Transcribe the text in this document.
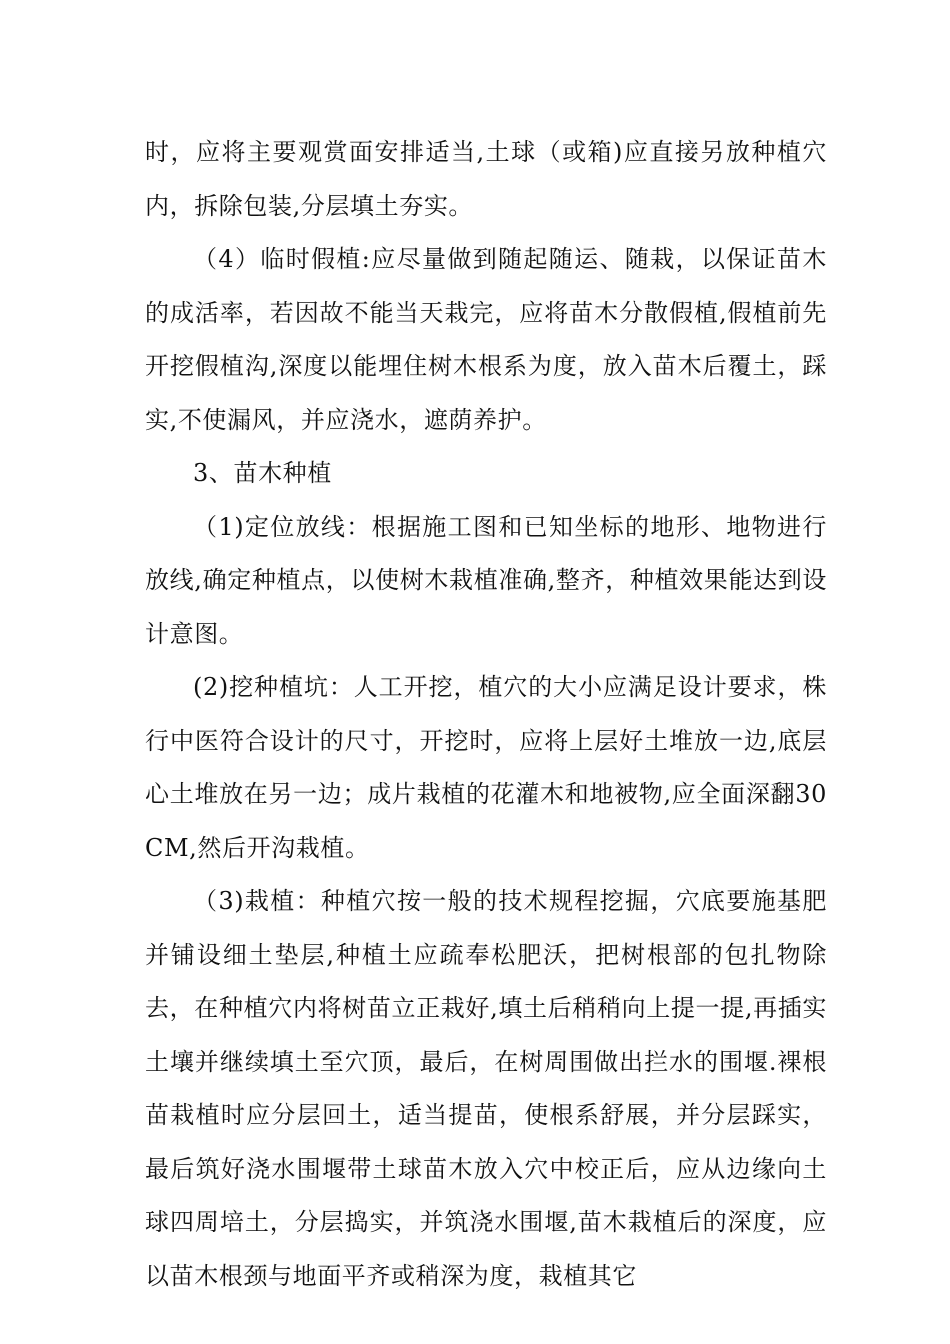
时，应将主要观赏面安排适当,土球（或箱)应直接另放种植穴内，拆除包装,分层填土夯实。

（4）临时假植:应尽量做到随起随运、随栽，以保证苗木的成活率，若因故不能当天栽完，应将苗木分散假植,假植前先开挖假植沟,深度以能埋住树木根系为度，放入苗木后覆土，踩实,不使漏风，并应浇水，遮荫养护。

3、苗木种植

（1)定位放线：根据施工图和已知坐标的地形、地物进行放线,确定种植点，以使树木栽植准确,整齐，种植效果能达到设计意图。

(2)挖种植坑：人工开挖，植穴的大小应满足设计要求，株行中医符合设计的尺寸，开挖时，应将上层好土堆放一边,底层心土堆放在另一边；成片栽植的花灌木和地被物,应全面深翻30CM,然后开沟栽植。

（3)栽植：种植穴按一般的技术规程挖掘，穴底要施基肥并铺设细土垫层,种植土应疏奉松肥沃，把树根部的包扎物除去，在种植穴内将树苗立正栽好,填土后稍稍向上提一提,再插实土壤并继续填土至穴顶，最后，在树周围做出拦水的围堰.裸根苗栽植时应分层回土，适当提苗，使根系舒展，并分层踩实，最后筑好浇水围堰带土球苗木放入穴中校正后，应从边缘向土球四周培土，分层捣实，并筑浇水围堰,苗木栽植后的深度，应以苗木根颈与地面平齐或稍深为度，栽植其它
